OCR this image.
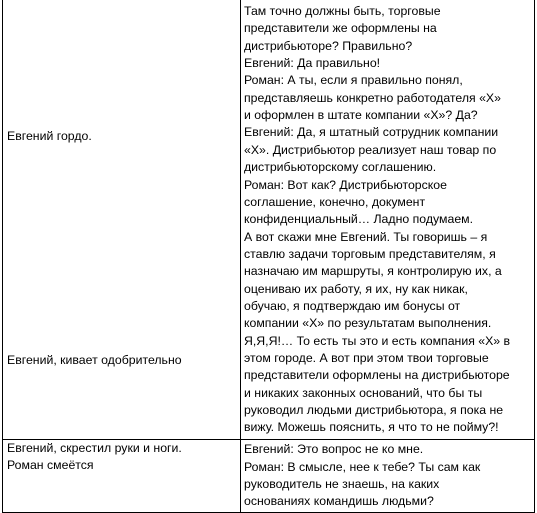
Евгений гордо.
Евгений, кивает одобрительно
Евгений, скрестил руки и ноги.
Роман смеётся
Там точно должны быть, торговые
представители же оформлены на
дистрибьюторе? Правильно?
Евгений: Да правильно!
Роман: А ты, если я правильно понял,
представляешь конкретно работодателя «Х»
и оформлен в штате компании «Х»? Да?
Евгений: Да, я штатный сотрудник компании
«Х». Дистрибьютор реализует наш товар по
дистрибьюторскому соглашению.
Роман: Вот как? Дистрибьюторское
соглашение, конечно, документ
конфиденциальный… Ладно подумаем.
А вот скажи мне Евгений. Ты говоришь – я
ставлю задачи торговым представителям, я
назначаю им маршруты, я контролирую их, а
оцениваю их работу, я их, ну как никак,
обучаю, я подтверждаю им бонусы от
компании «Х» по результатам выполнения.
Я,Я,Я!… То есть ты это и есть компания «Х» в
этом городе. А вот при этом твои торговые
представители оформлены на дистрибьюторе
и никаких законных оснований, что бы ты
руководил людьми дистрибьютора, я пока не
вижу. Можешь пояснить, я что то не пойму?!
Евгений: Это вопрос не ко мне.
Роман: В смысле, нее к тебе? Ты сам как
руководитель не знаешь, на каких
основаниях командишь людьми?
